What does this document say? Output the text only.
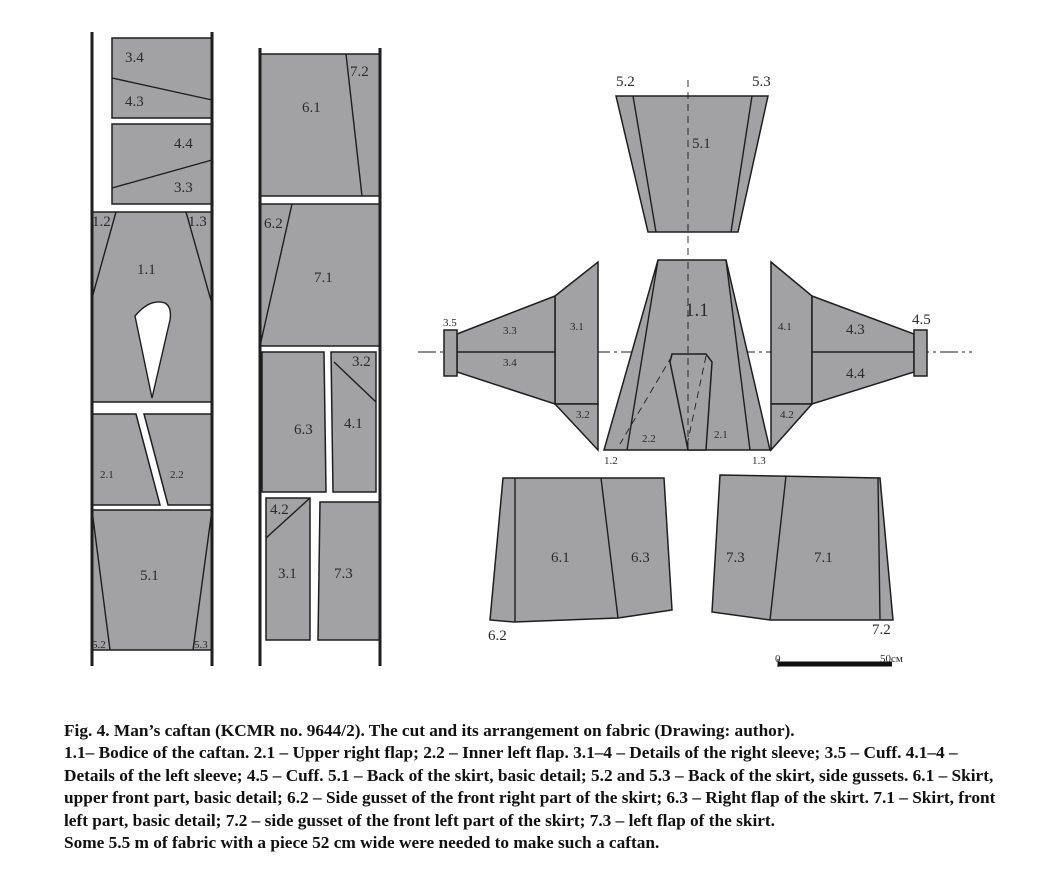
0	50см
3.4
4.3
4.4
3.3
1.2	1.3
1.1
2.1	2.2
5.1
5.2	5.3
6.1
7.2
6.2
7.1
6.3 4.1
3.2
4.2
3.1 7.3
5.2	5.3
5.1
1.1
3.5
3.3
3.4
3.1
3.2
2.2	2.1
1.2	1.3
4.1	4.3
4.4
4.2
4.5
6.1	6.3	7.3	7.1
6.2	7.2

Fig. 4. Man’s caftan (KCMR no. 9644/2). The cut and its arrangement on fabric (Drawing: author).

1.1– Bodice of the caftan. 2.1 – Upper right flap; 2.2 – Inner left flap. 3.1–4 – Details of the right sleeve; 3.5 – Cuff. 4.1–4 – Details of the left sleeve; 4.5 – Cuff. 5.1 – Back of the skirt, basic detail; 5.2 and 5.3 – Back of the skirt, side gussets. 6.1 – Skirt, upper front part, basic detail; 6.2 – Side gusset of the front right part of the skirt; 6.3 – Right flap of the skirt. 7.1 – Skirt, front left part, basic detail; 7.2 – side gusset of the front left part of the skirt; 7.3 – left flap of the skirt.

Some 5.5 m of fabric with a piece 52 cm wide were needed to make such a caftan.
